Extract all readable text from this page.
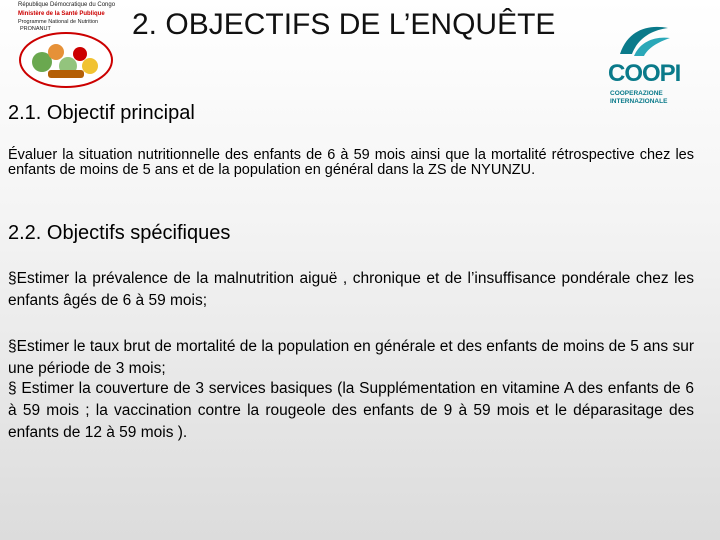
République Démocratique du Congo
Ministère de la Santé Publique
Programme National de Nutrition
PRONANUT	2. OBJECTIFS DE L’ENQUÊTE
COOPI
COOPERAZIONE
INTERNAZIONALE
2.1. Objectif principal

Évaluer la situation nutritionnelle des enfants de 6 à 59 mois ainsi que la mortalité rétrospective chez les enfants de moins de 5 ans et de la population en général dans la ZS de NYUNZU.

2.2. Objectifs spécifiques

§Estimer la prévalence de la malnutrition aiguë , chronique et de l’insuffisance pondérale chez les enfants âgés de 6 à 59 mois;

§Estimer le taux brut de mortalité de la population en générale et des enfants de moins de 5 ans sur une période de 3 mois;

§ Estimer la couverture de 3 services basiques (la Supplémentation en vitamine A des enfants de 6 à 59 mois ; la vaccination contre la rougeole des enfants de 9 à 59 mois et le déparasitage des enfants de 12 à 59 mois ).
